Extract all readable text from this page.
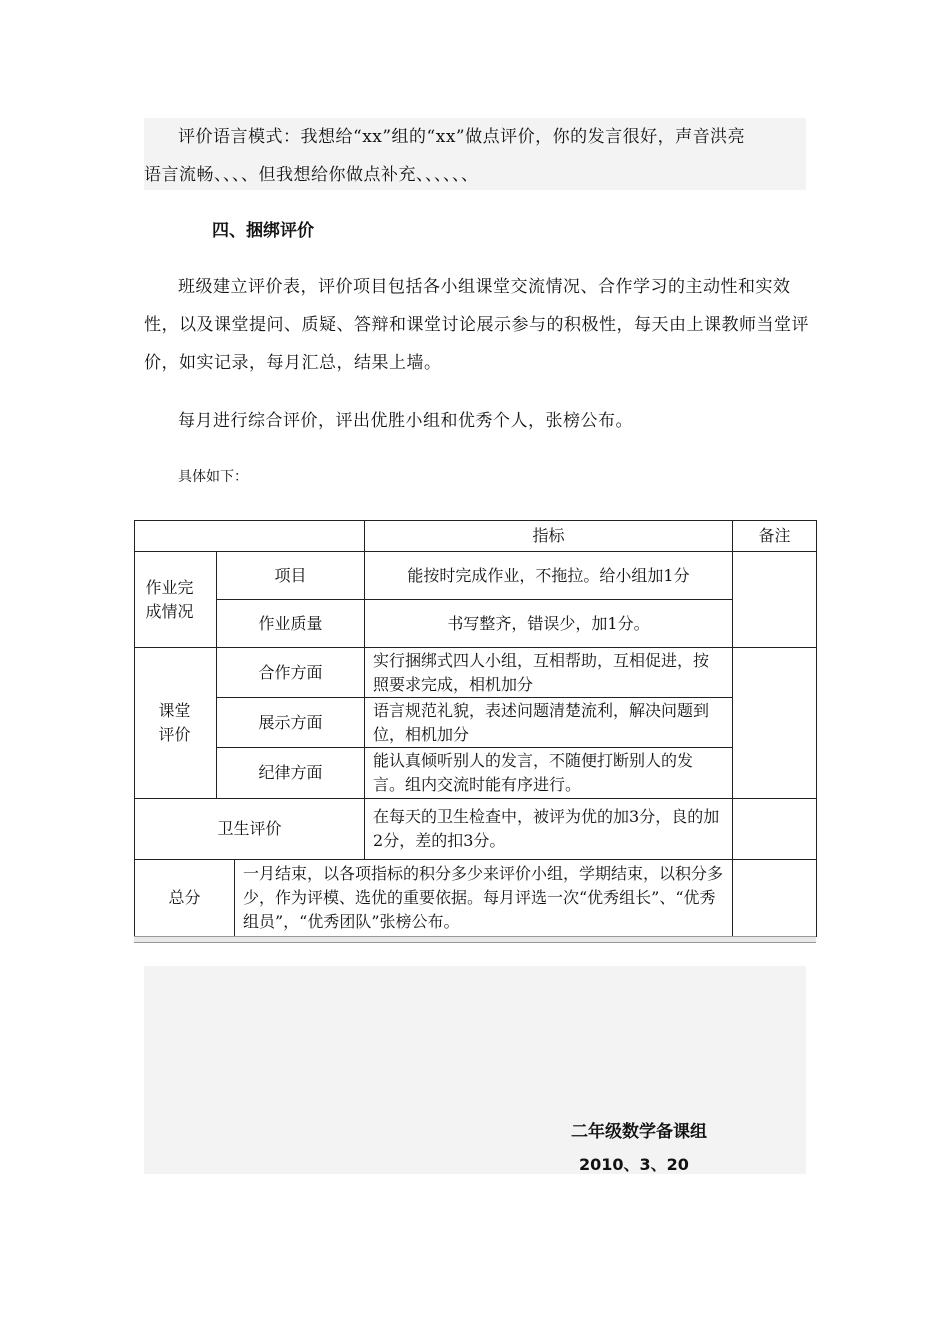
评价语言模式：我想给“xx”组的“xx”做点评价，你的发言很好，声音洪亮
语言流畅、、、、但我想给你做点补充、、、、、、
四、捆绑评价
班级建立评价表，评价项目包括各小组课堂交流情况、合作学习的主动性和实效性，以及课堂提问、质疑、答辩和课堂讨论展示参与的积极性，每天由上课教师当堂评价，如实记录，每月汇总，结果上墙。
每月进行综合评价，评出优胜小组和优秀个人，张榜公布。
具体如下：
			指标	备注
作业完成情况	项目		能按时完成作业，不拖拉。给小组加1分	
	作业质量		书写整齐，错误少，加1分。	
课堂评价	合作方面		实行捆绑式四人小组，互相帮助，互相促进，按照要求完成，相机加分	
	展示方面		语言规范礼貌，表述问题清楚流利，解决问题到位，相机加分	
	纪律方面		能认真倾听别人的发言，不随便打断别人的发言。组内交流时能有序进行。	
卫生评价			在每天的卫生检查中，被评为优的加3分，良的加2分，差的扣3分。	
总分		一月结束，以各项指标的积分多少来评价小组，学期结束，以积分多少，作为评模、选优的重要依据。每月评选一次“优秀组长”、“优秀组员”，“优秀团队”张榜公布。		
二年级数学备课组
2010、3、20
